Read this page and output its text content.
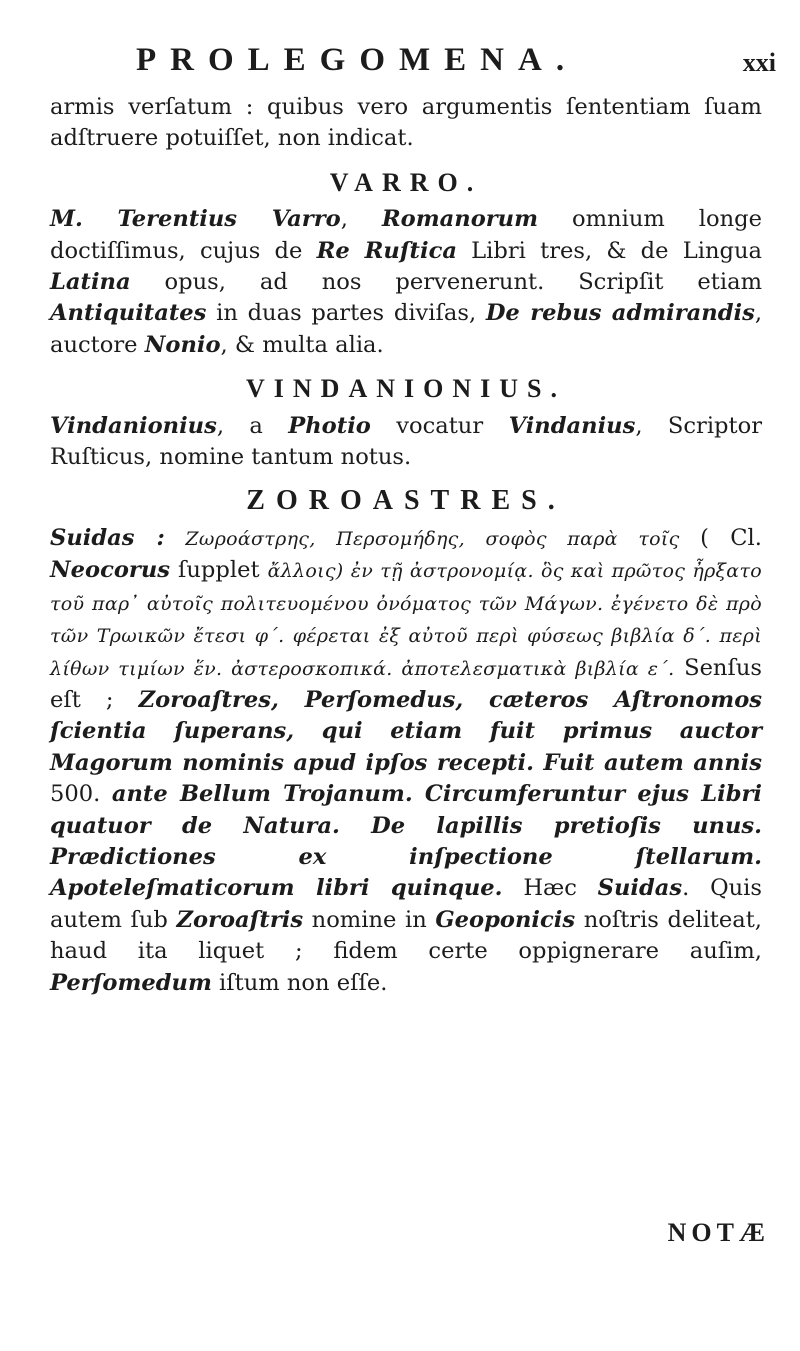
PROLEGOMENA.	xxi

armis verſatum : quibus vero argumentis ſententiam ſuam adſtruere potuiſſet, non indicat.

VARRO.

M. Terentius Varro, Romanorum omnium longe doctiſſimus, cujus de Re Ruſtica Libri tres, & de Lingua Latina opus, ad nos pervenerunt. Scripſit etiam Antiquitates in duas partes diviſas, De rebus admirandis, auctore Nonio, & multa alia.

VINDANIONIUS.

Vindanionius, a Photio vocatur Vindanius, Scriptor Ruſticus, nomine tantum notus.

ZOROASTRES.

Suidas : Ζωροάστρης, Περσομήδης, σοφὸς παρὰ τοῖς ( Cl. Neocorus ſupplet ἄλλοις) ἐν τῇ ἀστρονομίᾳ. ὃς καὶ πρῶτος ἦρξατο τοῦ παρ᾿ αὐτοῖς πολιτευομένου ὀνόματος τῶν Μάγων. ἐγένετο δὲ πρὸ τῶν Τρωικῶν ἔτεσι φ΄. φέρεται ἐξ αὐτοῦ περὶ φύσεως βιβλία δ΄. περὶ λίθων τιμίων ἕν. ἀστεροσκοπικά. ἀποτελεσματικὰ βιβλία ε΄. Senſus eſt ; Zoroaſtres, Perſomedus, cæteros Aſtronomos ſcientia ſuperans, qui etiam fuit primus auctor Magorum nominis apud ipſos recepti. Fuit autem annis 500. ante Bellum Trojanum. Circumferuntur ejus Libri quatuor de Natura. De lapillis pretioſis unus. Prædictiones ex inſpectione ſtellarum. Apoteleſmaticorum libri quinque. Hæc Suidas. Quis autem ſub Zoroaſtris nomine in Geoponicis noſtris deliteat, haud ita liquet ; fidem certe oppignerare auſim, Perſomedum iſtum non eſſe.

NOTÆ
